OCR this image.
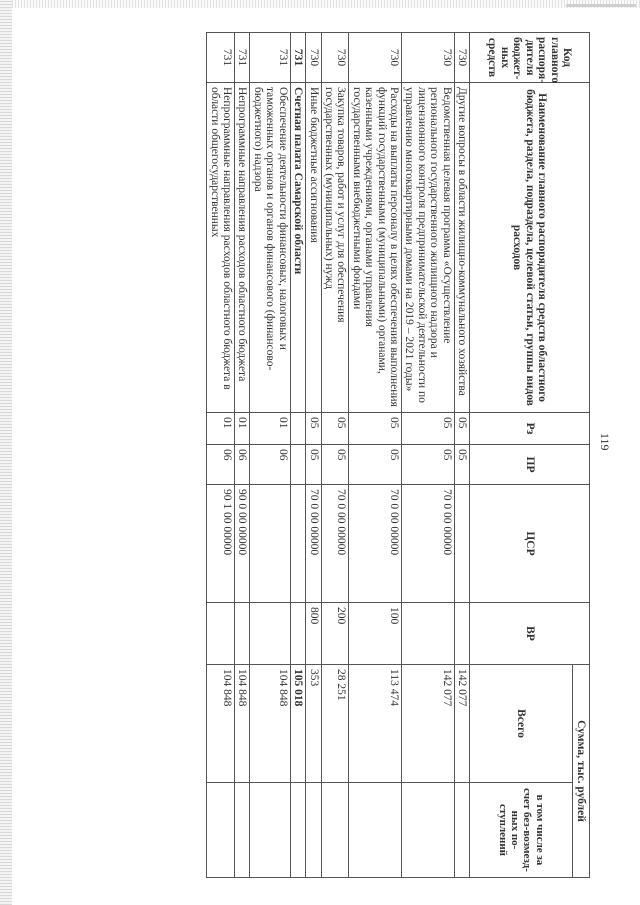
119
Код главного распоря-дителя бюджет-ных средств	Наименование главного распорядителя средств областного бюджета, раздела, подраздела, целевой статьи, группы видов расходов	Рз	ПР	ЦСР	ВР	Сумма, тыс. рублей	
						Всего	в том числе за счет без-возмезд-ных по-ступлений
730	Другие вопросы в области жилищно-коммунального хозяйства	05	05			142 077	
730	Ведомственная целевая программа «Осуществление регионального государственного жилищного надзора и лицензионного контроля предпринимательской деятельности по управлению многоквартирными домами на 2019 – 2021 годы»	05	05	70 0 00 00000		142 077	
730	Расходы на выплаты персоналу в целях обеспечения выполнения функций государственными (муниципальными) органами, казенными учреждениями, органами управления государственными внебюджетными фондами	05	05	70 0 00 00000	100	113 474	
730	Закупка товаров, работ и услуг для обеспечения государственных (муниципальных) нужд	05	05	70 0 00 00000	200	28 251	
730	Иные бюджетные ассигнования	05	05	70 0 00 00000	800	353	
731	Счетная палата Самарской области					105 018	
731	Обеспечение деятельности финансовых, налоговых и таможенных органов и органов финансового (финансово-бюджетного) надзора	01	06			104 848	
731	Непрограммные направления расходов областного бюджета	01	06	90 0 00 00000		104 848	
731	Непрограммные направления расходов областного бюджета в области общегосударственных	01	06	90 1 00 00000		104 848	
